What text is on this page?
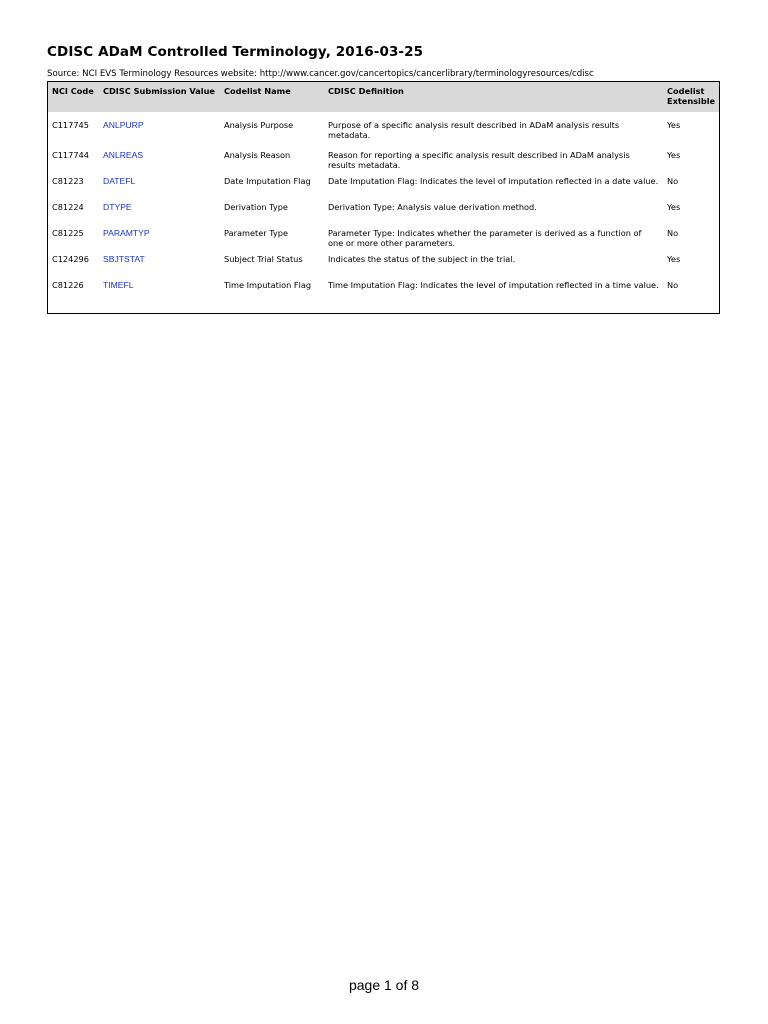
CDISC ADaM Controlled Terminology, 2016-03-25
Source: NCI EVS Terminology Resources website: http://www.cancer.gov/cancertopics/cancerlibrary/terminologyresources/cdisc
NCI Code	CDISC Submission Value	Codelist Name	CDISC Definition	Codelist Extensible
C117745	ANLPURP	Analysis Purpose	Purpose of a specific analysis result described in ADaM analysis results metadata.	Yes
C117744	ANLREAS	Analysis Reason	Reason for reporting a specific analysis result described in ADaM analysis results metadata.	Yes
C81223	DATEFL	Date Imputation Flag	Date Imputation Flag: Indicates the level of imputation reflected in a date value.	No
C81224	DTYPE	Derivation Type	Derivation Type: Analysis value derivation method.	Yes
C81225	PARAMTYP	Parameter Type	Parameter Type: Indicates whether the parameter is derived as a function of one or more other parameters.	No
C124296	SBJTSTAT	Subject Trial Status	Indicates the status of the subject in the trial.	Yes
C81226	TIMEFL	Time Imputation Flag	Time Imputation Flag: Indicates the level of imputation reflected in a time value.	No
page 1 of 8
